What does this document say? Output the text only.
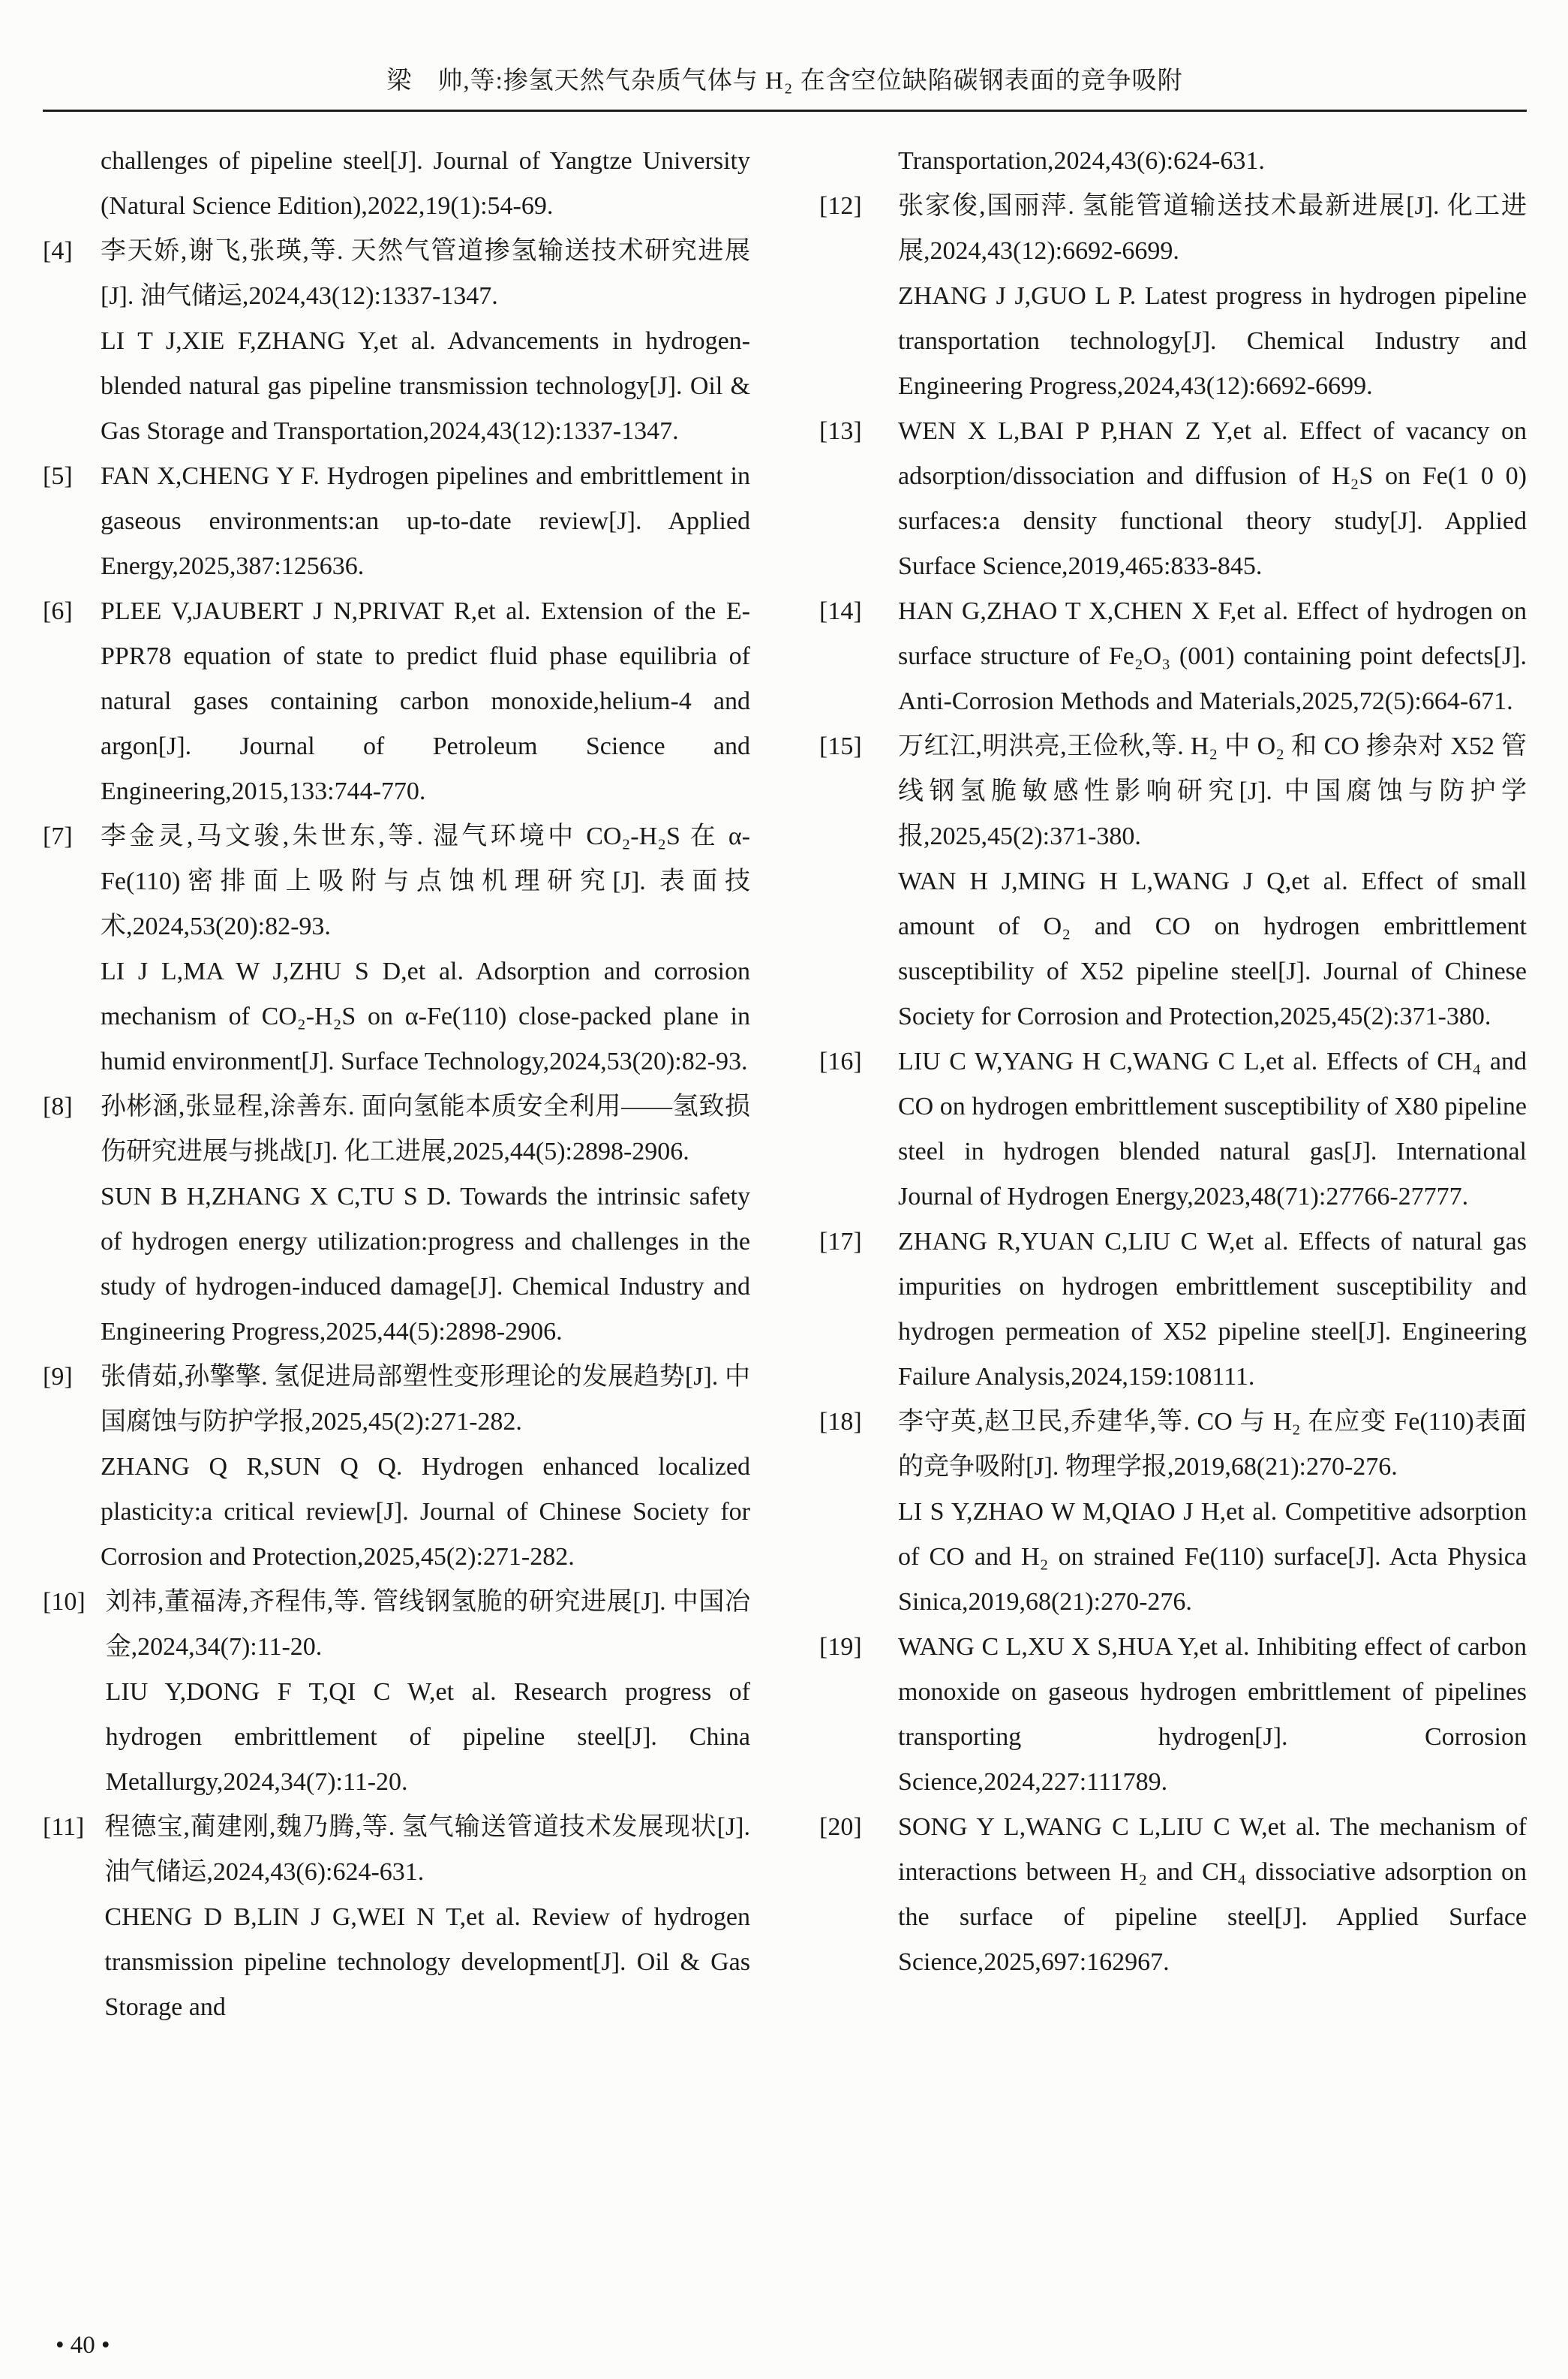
梁　帅,等:掺氢天然气杂质气体与 H₂ 在含空位缺陷碳钢表面的竞争吸附

challenges of pipeline steel[J]. Journal of Yangtze University (Natural Science Edition),2022,19(1):54-69.

[4]	李天娇,谢飞,张瑛,等. 天然气管道掺氢输送技术研究进展[J]. 油气储运,2024,43(12):1337-1347.

LI T J,XIE F,ZHANG Y,et al. Advancements in hydrogen-blended natural gas pipeline transmission technology[J]. Oil & Gas Storage and Transportation,2024,43(12):1337-1347.

[5]	FAN X,CHENG Y F. Hydrogen pipelines and embrittlement in gaseous environments:an up-to-date review[J]. Applied Energy,2025,387:125636.

[6]	PLEE V,JAUBERT J N,PRIVAT R,et al. Extension of the E-PPR78 equation of state to predict fluid phase equilibria of natural gases containing carbon monoxide,helium-4 and argon[J]. Journal of Petroleum Science and Engineering,2015,133:744-770.

[7]	李金灵,马文骏,朱世东,等. 湿气环境中 CO₂-H₂S 在 α-Fe(110)密排面上吸附与点蚀机理研究[J]. 表面技术,2024,53(20):82-93.

LI J L,MA W J,ZHU S D,et al. Adsorption and corrosion mechanism of CO₂-H₂S on α-Fe(110) close-packed plane in humid environment[J]. Surface Technology,2024,53(20):82-93.

[8]	孙彬涵,张显程,涂善东. 面向氢能本质安全利用——氢致损伤研究进展与挑战[J]. 化工进展,2025,44(5):2898-2906.

SUN B H,ZHANG X C,TU S D. Towards the intrinsic safety of hydrogen energy utilization:progress and challenges in the study of hydrogen-induced damage[J]. Chemical Industry and Engineering Progress,2025,44(5):2898-2906.

[9]	张倩茹,孙擎擎. 氢促进局部塑性变形理论的发展趋势[J]. 中国腐蚀与防护学报,2025,45(2):271-282.

ZHANG Q R,SUN Q Q. Hydrogen enhanced localized plasticity:a critical review[J]. Journal of Chinese Society for Corrosion and Protection,2025,45(2):271-282.

[10] 刘祎,董福涛,齐程伟,等. 管线钢氢脆的研究进展[J]. 中国冶金,2024,34(7):11-20.

LIU Y,DONG F T,QI C W,et al. Research progress of hydrogen embrittlement of pipeline steel[J]. China Metallurgy,2024,34(7):11-20.

[11] 程德宝,蔺建刚,魏乃腾,等. 氢气输送管道技术发展现状[J]. 油气储运,2024,43(6):624-631.

CHENG D B,LIN J G,WEI N T,et al. Review of hydrogen transmission pipeline technology development[J]. Oil & Gas Storage and

Transportation,2024,43(6):624-631.

[12]	张家俊,国丽萍. 氢能管道输送技术最新进展[J]. 化工进展,2024,43(12):6692-6699.

ZHANG J J,GUO L P. Latest progress in hydrogen pipeline transportation technology[J]. Chemical Industry and Engineering Progress,2024,43(12):6692-6699.

[13]	WEN X L,BAI P P,HAN Z Y,et al. Effect of vacancy on adsorption/dissociation and diffusion of H₂S on Fe(1 0 0) surfaces:a density functional theory study[J]. Applied Surface Science,2019,465:833-845.

[14]	HAN G,ZHAO T X,CHEN X F,et al. Effect of hydrogen on surface structure of Fe₂O₃ (001) containing point defects[J]. Anti-Corrosion Methods and Materials,2025,72(5):664-671.

[15]	万红江,明洪亮,王俭秋,等. H₂ 中 O₂ 和 CO 掺杂对 X52 管线钢氢脆敏感性影响研究[J]. 中国腐蚀与防护学报,2025,45(2):371-380.

WAN H J,MING H L,WANG J Q,et al. Effect of small amount of O₂ and CO on hydrogen embrittlement susceptibility of X52 pipeline steel[J]. Journal of Chinese Society for Corrosion and Protection,2025,45(2):371-380.

[16]	LIU C W,YANG H C,WANG C L,et al. Effects of CH₄ and CO on hydrogen embrittlement susceptibility of X80 pipeline steel in hydrogen blended natural gas[J]. International Journal of Hydrogen Energy,2023,48(71):27766-27777.

[17]	ZHANG R,YUAN C,LIU C W,et al. Effects of natural gas impurities on hydrogen embrittlement susceptibility and hydrogen permeation of X52 pipeline steel[J]. Engineering Failure Analysis,2024,159:108111.

[18]	李守英,赵卫民,乔建华,等. CO 与 H₂ 在应变 Fe(110)表面的竞争吸附[J]. 物理学报,2019,68(21):270-276.

LI S Y,ZHAO W M,QIAO J H,et al. Competitive adsorption of CO and H₂ on strained Fe(110) surface[J]. Acta Physica Sinica,2019,68(21):270-276.

[19]	WANG C L,XU X S,HUA Y,et al. Inhibiting effect of carbon monoxide on gaseous hydrogen embrittlement of pipelines transporting hydrogen[J]. Corrosion Science,2024,227:111789.

[20]	SONG Y L,WANG C L,LIU C W,et al. The mechanism of interactions between H₂ and CH₄ dissociative adsorption on the surface of pipeline steel[J]. Applied Surface Science,2025,697:162967.

• 40 •
